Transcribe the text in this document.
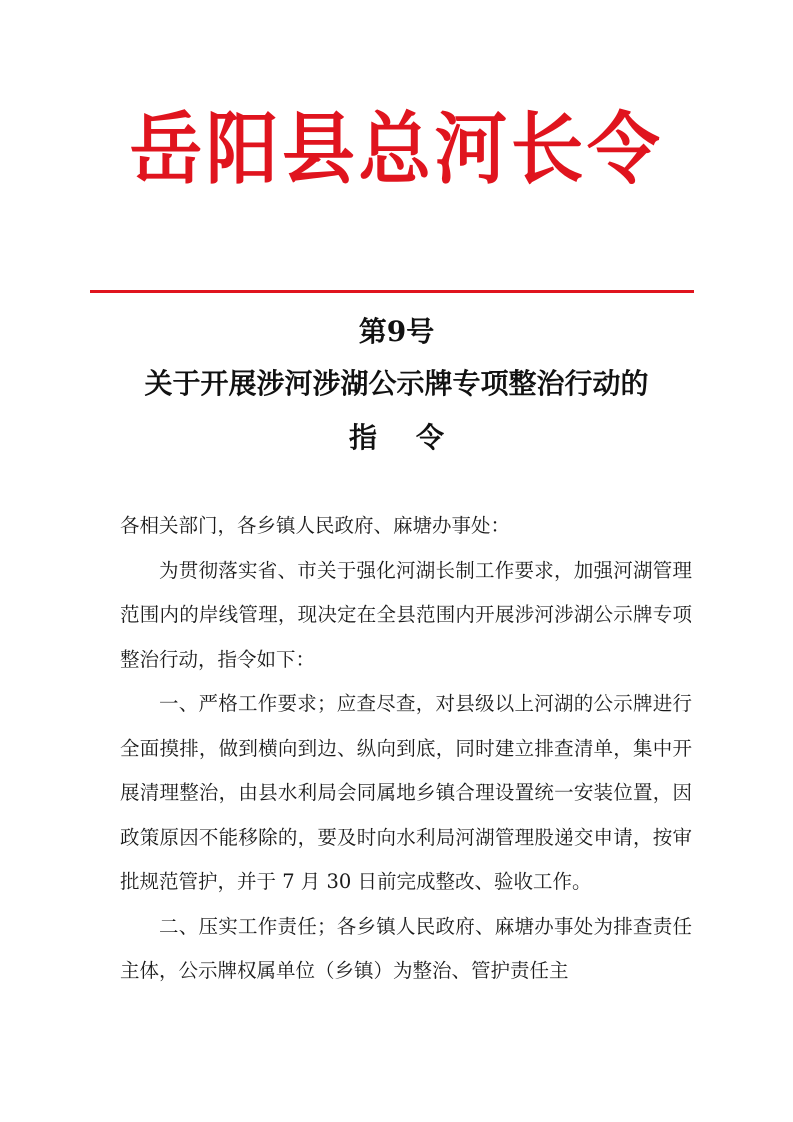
岳阳县总河长令
第9号
关于开展涉河涉湖公示牌专项整治行动的
指    令

各相关部门，各乡镇人民政府、麻塘办事处：

为贯彻落实省、市关于强化河湖长制工作要求，加强河湖管理范围内的岸线管理，现决定在全县范围内开展涉河涉湖公示牌专项整治行动，指令如下：

一、严格工作要求；应查尽查，对县级以上河湖的公示牌进行全面摸排，做到横向到边、纵向到底，同时建立排查清单，集中开展清理整治，由县水利局会同属地乡镇合理设置统一安装位置，因政策原因不能移除的，要及时向水利局河湖管理股递交申请，按审批规范管护，并于 7 月 30 日前完成整改、验收工作。

二、压实工作责任；各乡镇人民政府、麻塘办事处为排查责任主体，公示牌权属单位（乡镇）为整治、管护责任主
